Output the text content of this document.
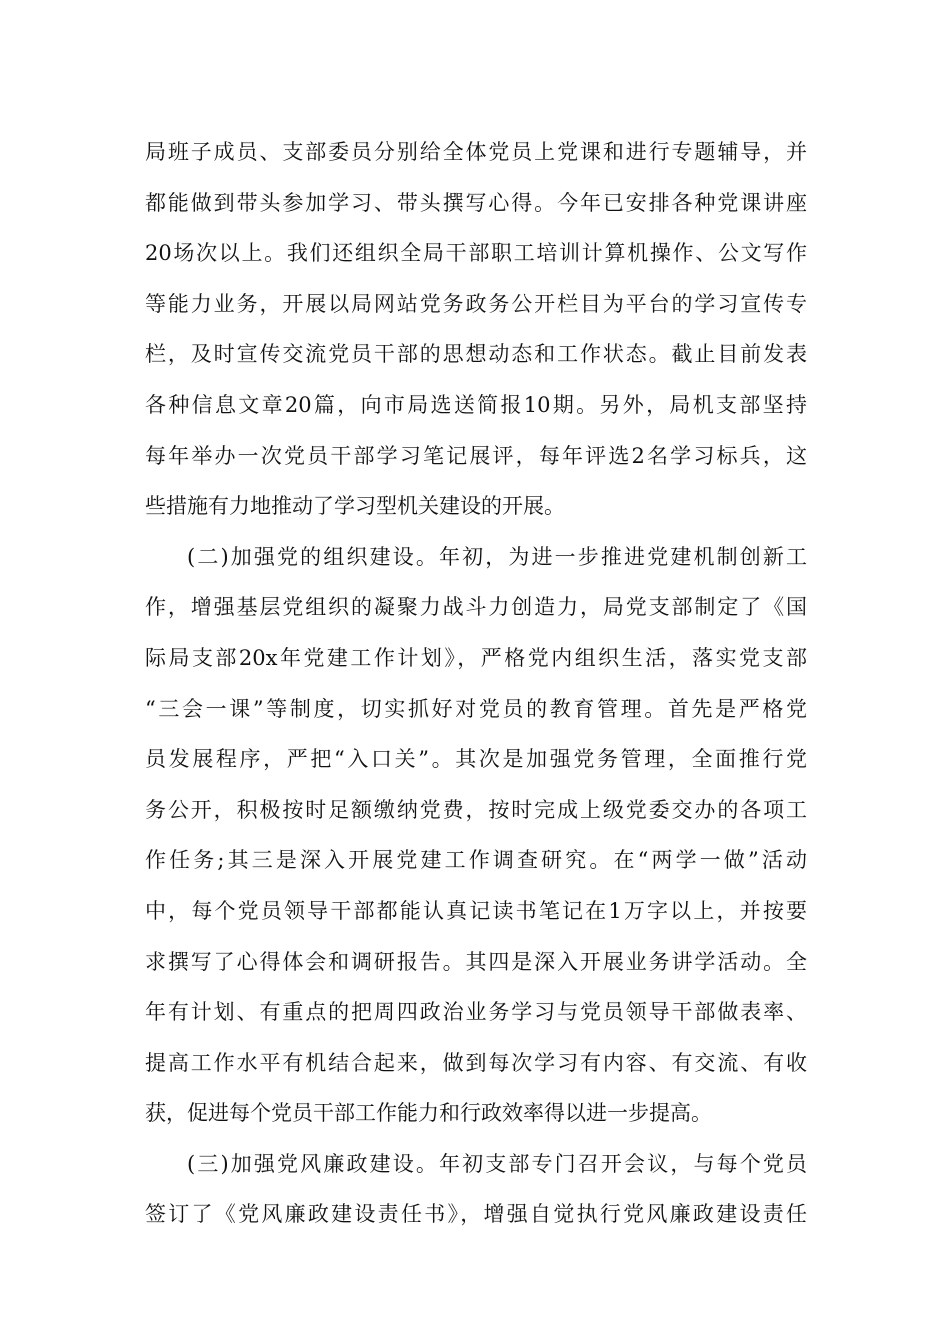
局班子成员、支部委员分别给全体党员上党课和进行专题辅导，并
都能做到带头参加学习、带头撰写心得。今年已安排各种党课讲座
20场次以上。我们还组织全局干部职工培训计算机操作、公文写作
等能力业务，开展以局网站党务政务公开栏目为平台的学习宣传专
栏，及时宣传交流党员干部的思想动态和工作状态。截止目前发表
各种信息文章20篇，向市局选送简报10期。另外，局机支部坚持
每年举办一次党员干部学习笔记展评，每年评选2名学习标兵，这
些措施有力地推动了学习型机关建设的开展。
(二)加强党的组织建设。年初，为进一步推进党建机制创新工
作，增强基层党组织的凝聚力战斗力创造力，局党支部制定了《国
际局支部20x年党建工作计划》，严格党内组织生活，落实党支部
“三会一课”等制度，切实抓好对党员的教育管理。首先是严格党
员发展程序，严把“入口关”。其次是加强党务管理，全面推行党
务公开，积极按时足额缴纳党费，按时完成上级党委交办的各项工
作任务;其三是深入开展党建工作调查研究。在“两学一做”活动
中，每个党员领导干部都能认真记读书笔记在1万字以上，并按要
求撰写了心得体会和调研报告。其四是深入开展业务讲学活动。全
年有计划、有重点的把周四政治业务学习与党员领导干部做表率、
提高工作水平有机结合起来，做到每次学习有内容、有交流、有收
获，促进每个党员干部工作能力和行政效率得以进一步提高。
(三)加强党风廉政建设。年初支部专门召开会议，与每个党员
签订了《党风廉政建设责任书》，增强自觉执行党风廉政建设责任
